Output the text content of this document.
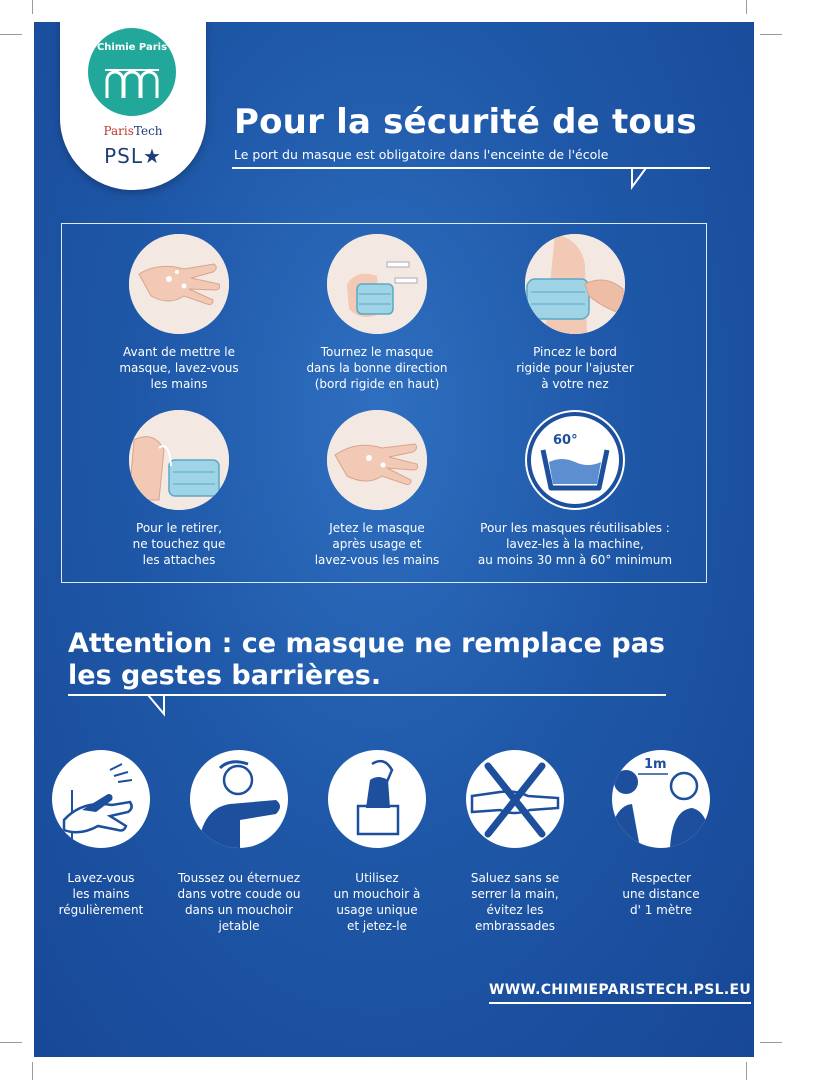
Chimie Paris
ParisTech
PSL★
Pour la sécurité de tous
Le port du masque est obligatoire dans l'enceinte de l'école
Avant de mettre le
masque, lavez-vous
les mains
Tournez le masque
dans la bonne direction
(bord rigide en haut)
Pincez le bord
rigide pour l'ajuster
à votre nez
Pour le retirer,
ne touchez que
les attaches
Jetez le masque
après usage et
lavez-vous les mains
60°
Pour les masques réutilisables :
lavez-les à la machine,
au moins 30 mn à 60° minimum
Attention : ce masque ne remplace pas
les gestes barrières.
Lavez-vous
les mains
régulièrement
Toussez ou éternuez
dans votre coude ou
dans un mouchoir
jetable
Utilisez
un mouchoir à
usage unique
et jetez-le
Saluez sans se
serrer la main,
évitez les
embrassades
1m
Respecter
une distance
d' 1 mètre
WWW.CHIMIEPARISTECH.PSL.EU
